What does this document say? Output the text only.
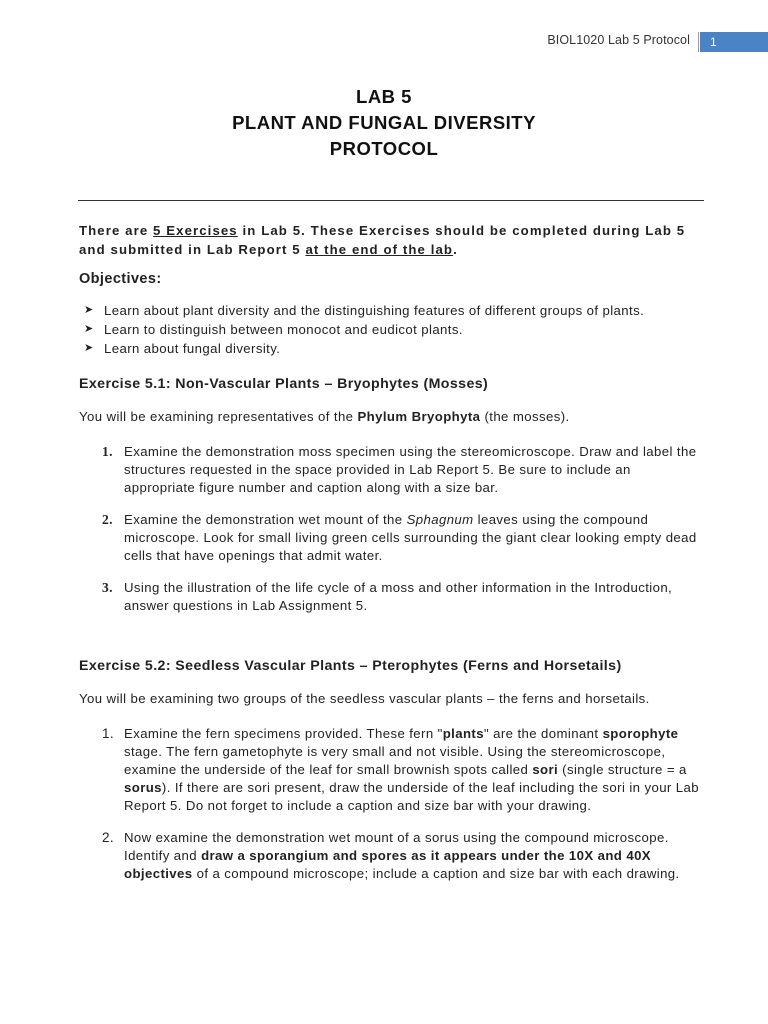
BIOL1020 Lab 5 Protocol	1
LAB 5
PLANT AND FUNGAL DIVERSITY
PROTOCOL

There are 5 Exercises in Lab 5. These Exercises should be completed during Lab 5 and submitted in Lab Report 5 at the end of the lab.

Objectives:
➤ Learn about plant diversity and the distinguishing features of different groups of plants.
➤ Learn to distinguish between monocot and eudicot plants.
➤ Learn about fungal diversity.
Exercise 5.1: Non-Vascular Plants – Bryophytes (Mosses)

You will be examining representatives of the Phylum Bryophyta (the mosses).

1. Examine the demonstration moss specimen using the stereomicroscope. Draw and label the structures requested in the space provided in Lab Report 5. Be sure to include an appropriate figure number and caption along with a size bar.
2. Examine the demonstration wet mount of the Sphagnum leaves using the compound microscope. Look for small living green cells surrounding the giant clear looking empty dead cells that have openings that admit water.
3. Using the illustration of the life cycle of a moss and other information in the Introduction, answer questions in Lab Assignment 5.
Exercise 5.2: Seedless Vascular Plants – Pterophytes (Ferns and Horsetails)

You will be examining two groups of the seedless vascular plants – the ferns and horsetails.

1. Examine the fern specimens provided. These fern "plants" are the dominant sporophyte stage. The fern gametophyte is very small and not visible. Using the stereomicroscope, examine the underside of the leaf for small brownish spots called sori (single structure = a sorus). If there are sori present, draw the underside of the leaf including the sori in your Lab Report 5. Do not forget to include a caption and size bar with your drawing.
2. Now examine the demonstration wet mount of a sorus using the compound microscope. Identify and draw a sporangium and spores as it appears under the 10X and 40X objectives of a compound microscope; include a caption and size bar with each drawing.
